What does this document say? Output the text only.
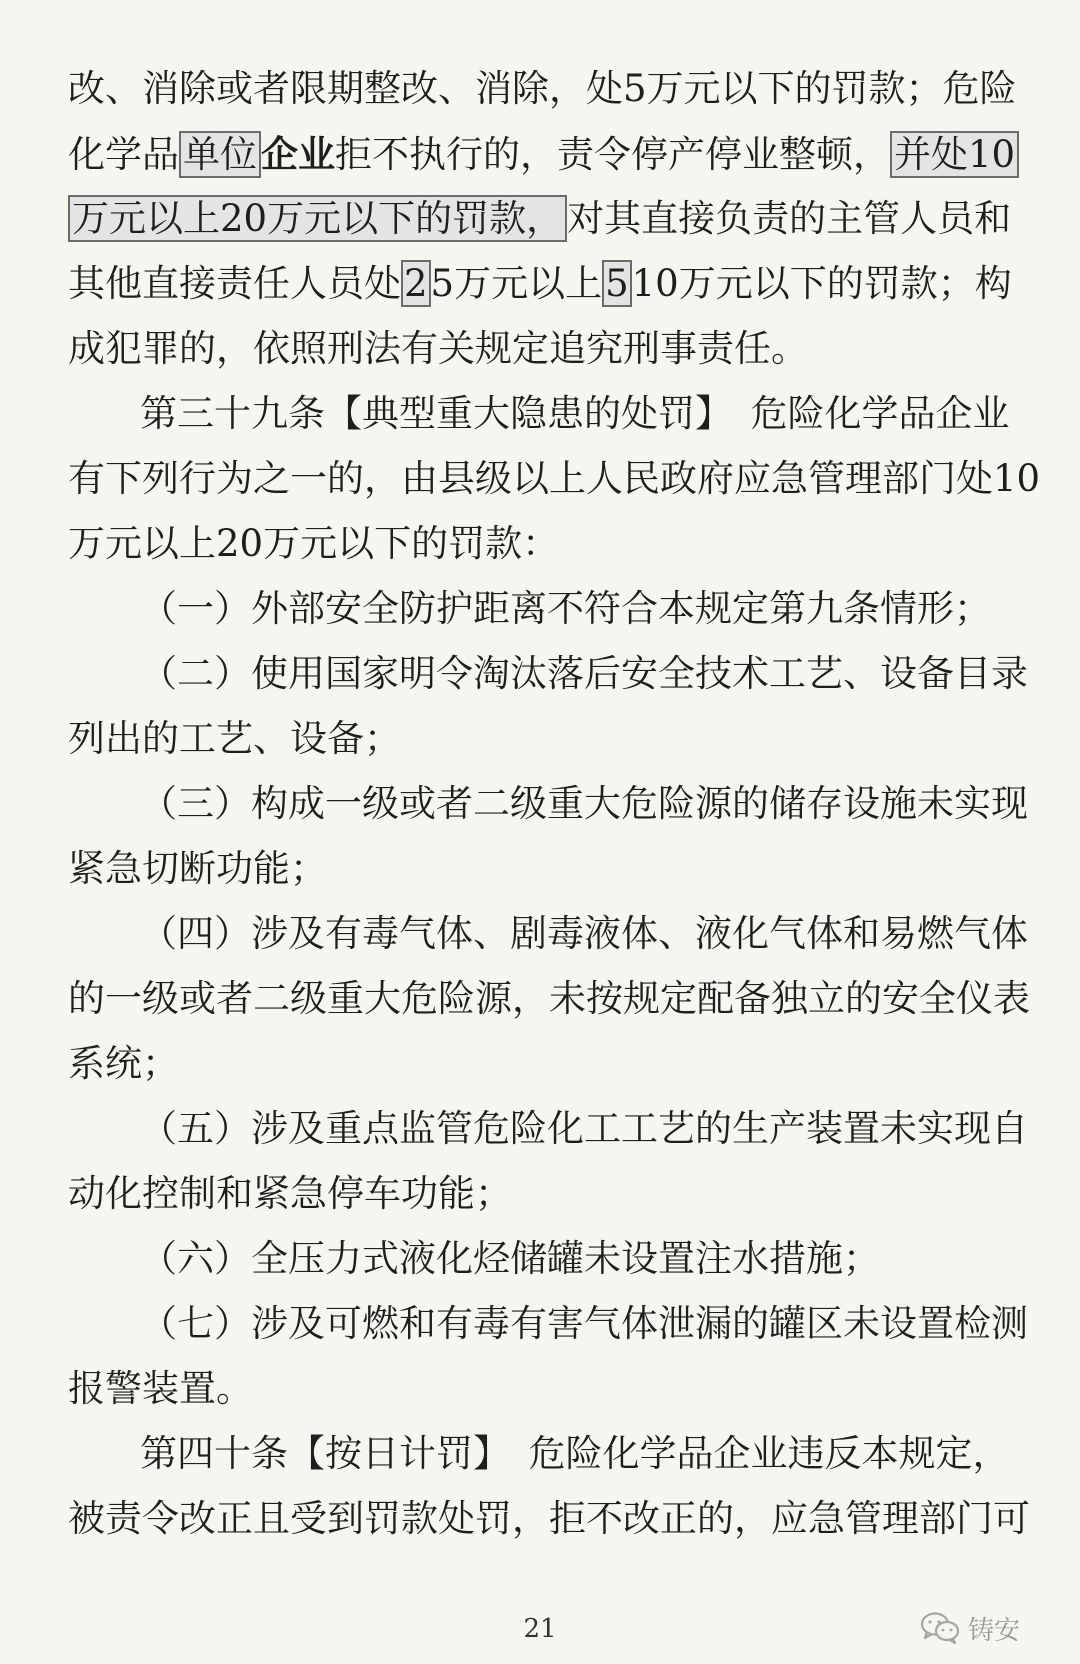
改、消除或者限期整改、消除，处5万元以下的罚款；危险
化学品 单位 企业拒不执行的，责令停产停业整顿， 并处10
万元以上20万元以下的罚款， 对其直接负责的主管人员和
其他直接责任人员处25万元以上510万元以下的罚款；构
成犯罪的，依照刑法有关规定追究刑事责任。
第三十九条【典型重大隐患的处罚】　危险化学品企业
有下列行为之一的，由县级以上人民政府应急管理部门处10
万元以上20万元以下的罚款：
（一）外部安全防护距离不符合本规定第九条情形；
（二）使用国家明令淘汰落后安全技术工艺、设备目录
列出的工艺、设备；
（三）构成一级或者二级重大危险源的储存设施未实现
紧急切断功能；
（四）涉及有毒气体、剧毒液体、液化气体和易燃气体
的一级或者二级重大危险源，未按规定配备独立的安全仪表
系统；
（五）涉及重点监管危险化工工艺的生产装置未实现自
动化控制和紧急停车功能；
（六）全压力式液化烃储罐未设置注水措施；
（七）涉及可燃和有毒有害气体泄漏的罐区未设置检测
报警装置。
第四十条【按日计罚】　危险化学品企业违反本规定，
被责令改正且受到罚款处罚，拒不改正的，应急管理部门可
21	铸安
